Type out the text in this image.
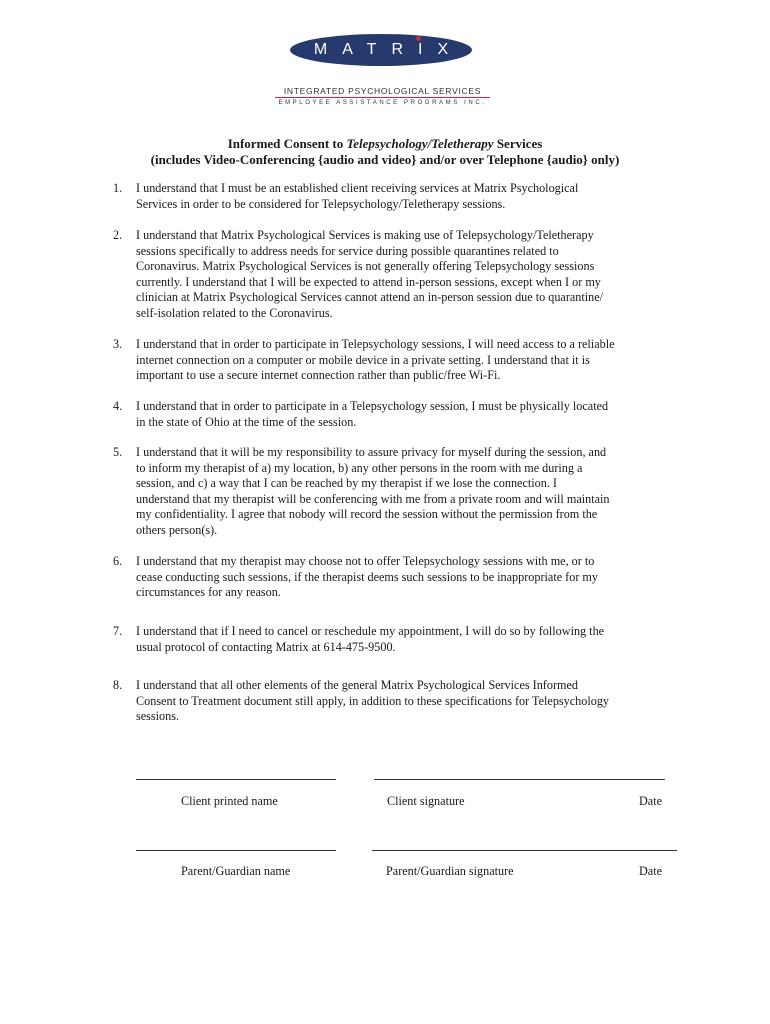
MATRIX
INTEGRATED PSYCHOLOGICAL SERVICES
EMPLOYEE ASSISTANCE PROGRAMS INC.
Informed Consent to Telepsychology/Teletherapy Services
(includes Video-Conferencing {audio and video} and/or over Telephone {audio} only)
1. I understand that I must be an established client receiving services at Matrix Psychological
Services in order to be considered for Telepsychology/Teletherapy sessions.
2. I understand that Matrix Psychological Services is making use of Telepsychology/Teletherapy
sessions specifically to address needs for service during possible quarantines related to
Coronavirus. Matrix Psychological Services is not generally offering Telepsychology sessions
currently. I understand that I will be expected to attend in-person sessions, except when I or my
clinician at Matrix Psychological Services cannot attend an in-person session due to quarantine/
self-isolation related to the Coronavirus.
3. I understand that in order to participate in Telepsychology sessions, I will need access to a reliable
internet connection on a computer or mobile device in a private setting. I understand that it is
important to use a secure internet connection rather than public/free Wi-Fi.
4. I understand that in order to participate in a Telepsychology session, I must be physically located
in the state of Ohio at the time of the session.
5. I understand that it will be my responsibility to assure privacy for myself during the session, and
to inform my therapist of a) my location, b) any other persons in the room with me during a
session, and c) a way that I can be reached by my therapist if we lose the connection. I
understand that my therapist will be conferencing with me from a private room and will maintain
my confidentiality. I agree that nobody will record the session without the permission from the
others person(s).
6. I understand that my therapist may choose not to offer Telepsychology sessions with me, or to
cease conducting such sessions, if the therapist deems such sessions to be inappropriate for my
circumstances for any reason.
7. I understand that if I need to cancel or reschedule my appointment, I will do so by following the
usual protocol of contacting Matrix at 614-475-9500.
8. I understand that all other elements of the general Matrix Psychological Services Informed
Consent to Treatment document still apply, in addition to these specifications for Telepsychology
sessions.
Client printed name	Client signature	Date
Parent/Guardian name	Parent/Guardian signature	Date
